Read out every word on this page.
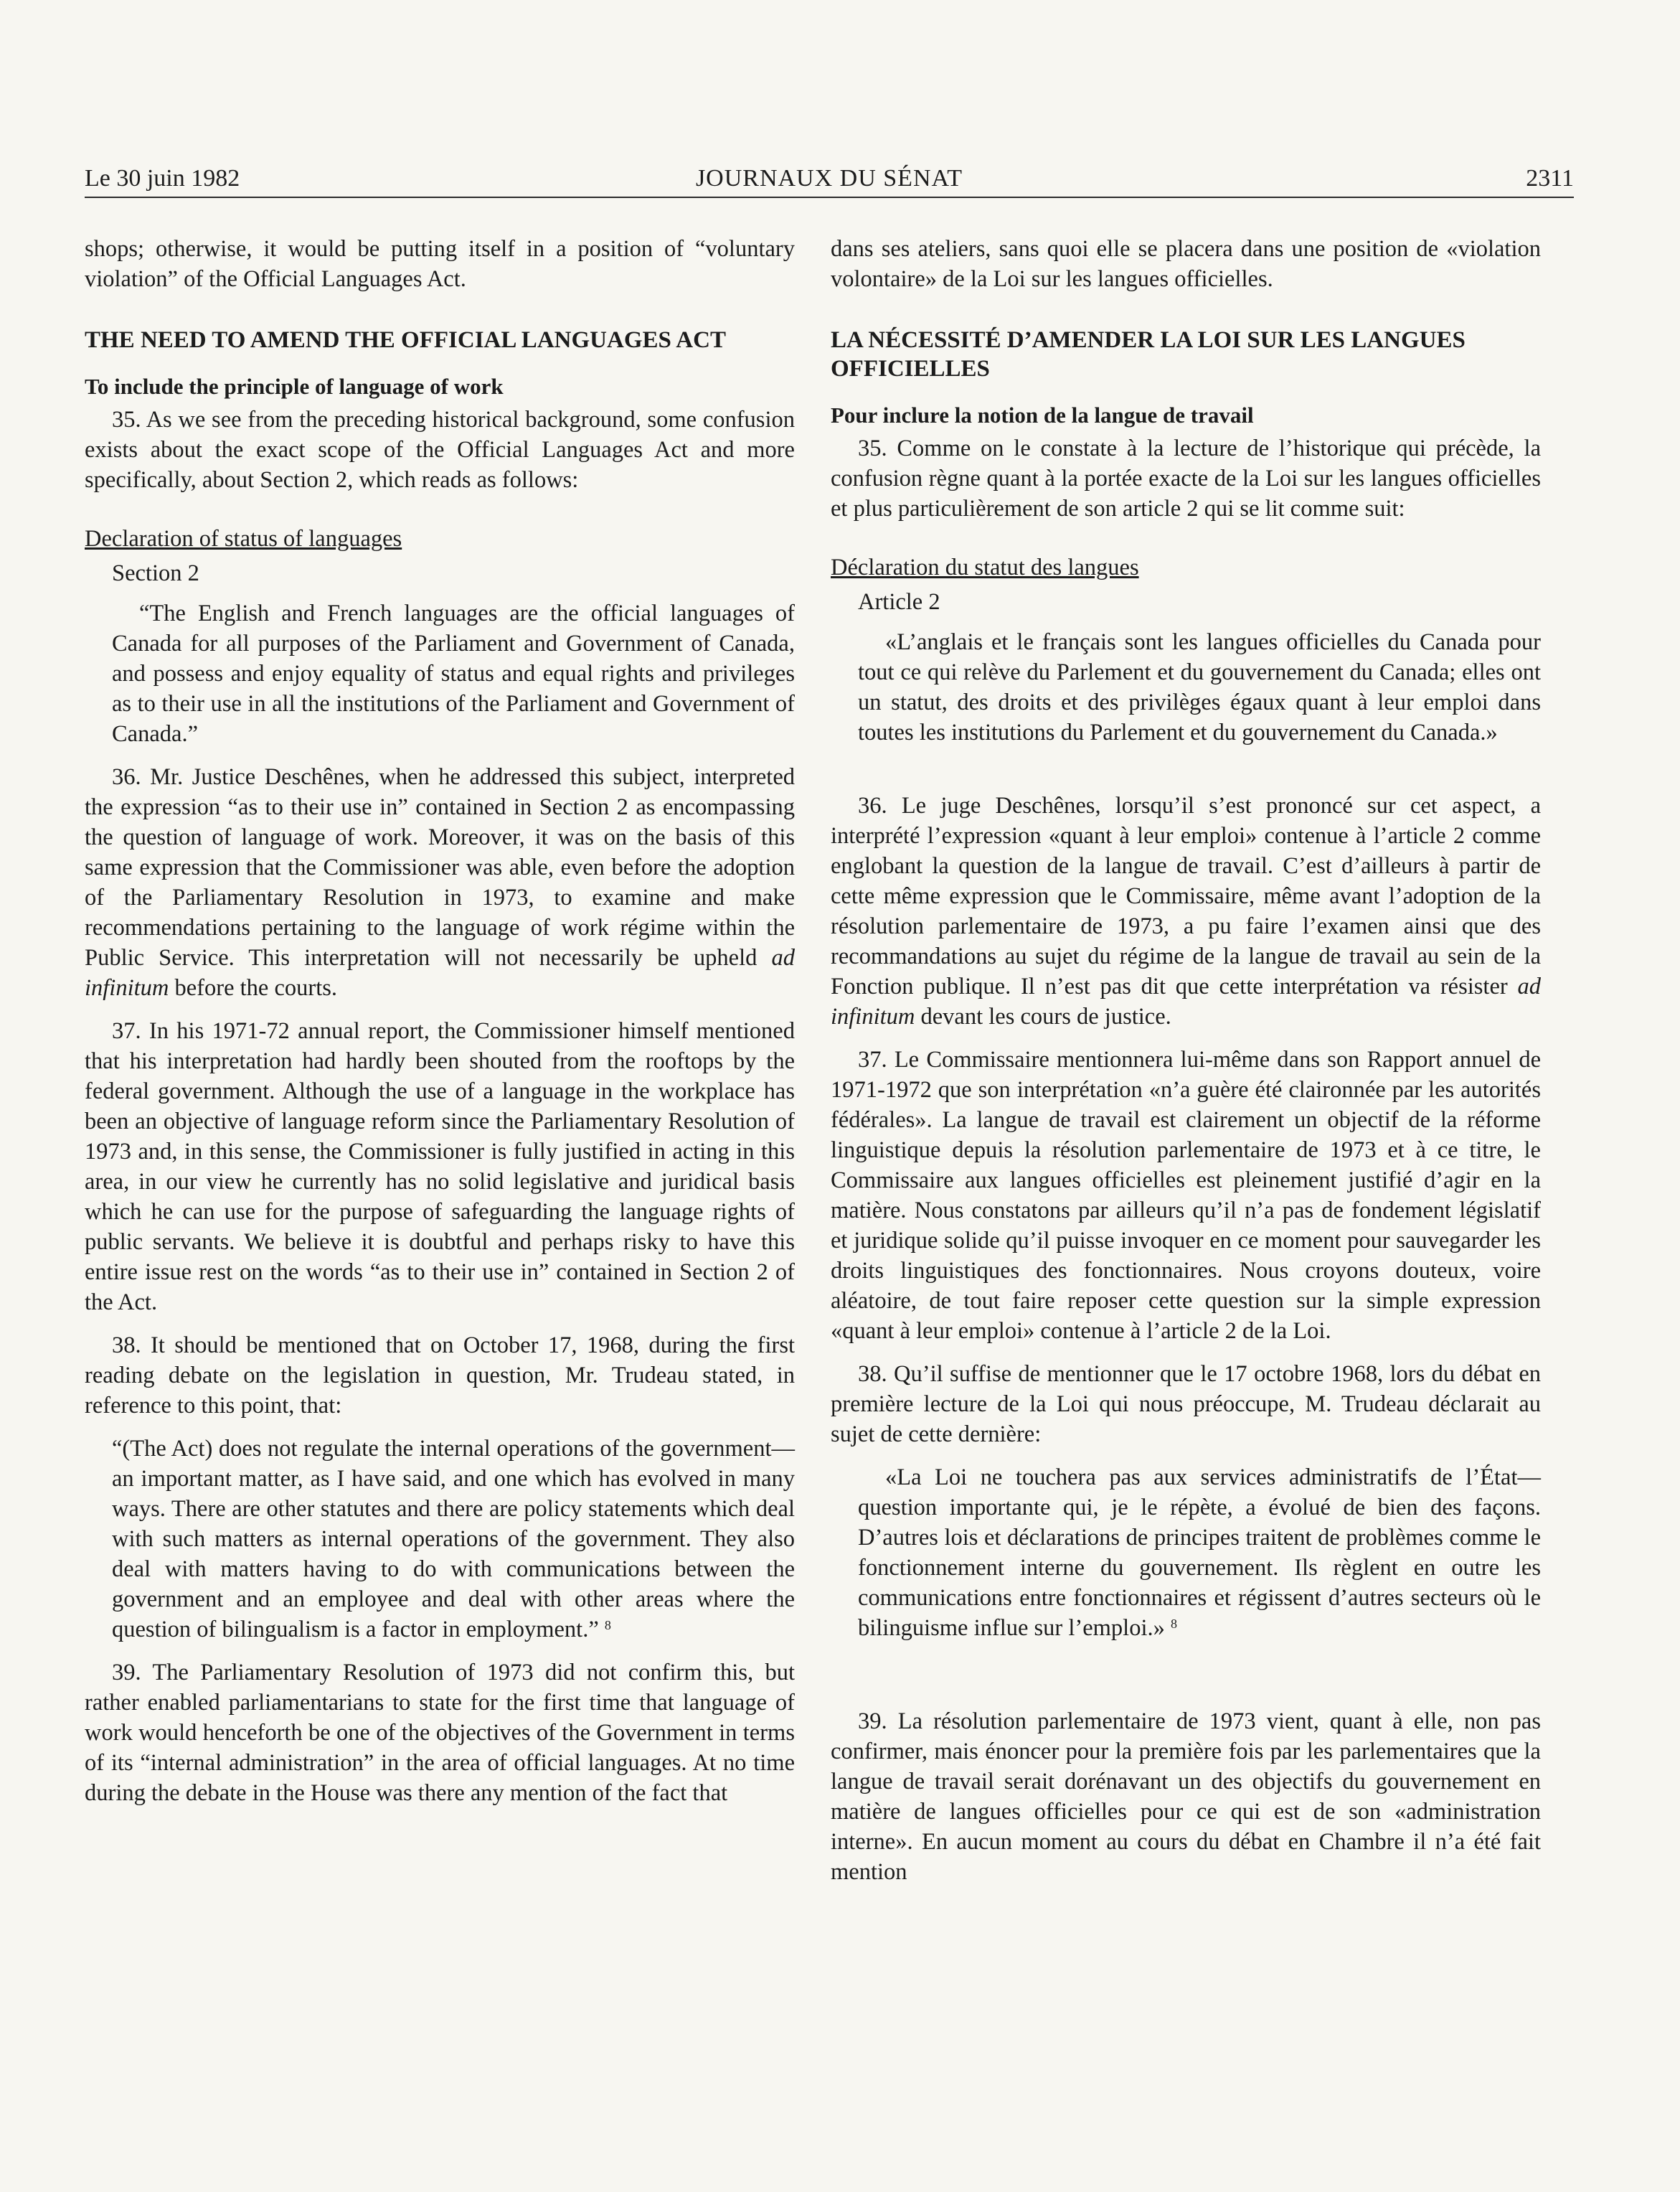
Le 30 juin 1982	JOURNAUX DU SÉNAT	2311

shops; otherwise, it would be putting itself in a position of “voluntary violation” of the Official Languages Act.

THE NEED TO AMEND THE OFFICIAL LANGUAGES ACT
To include the principle of language of work

35. As we see from the preceding historical background, some confusion exists about the exact scope of the Official Languages Act and more specifically, about Section 2, which reads as follows:

Declaration of status of languages
Section 2

“The English and French languages are the official languages of Canada for all purposes of the Parliament and Government of Canada, and possess and enjoy equality of status and equal rights and privileges as to their use in all the institutions of the Parliament and Government of Canada.”

36. Mr. Justice Deschênes, when he addressed this subject, interpreted the expression “as to their use in” contained in Section 2 as encompassing the question of language of work. Moreover, it was on the basis of this same expression that the Commissioner was able, even before the adoption of the Parliamentary Resolution in 1973, to examine and make recommendations pertaining to the language of work régime within the Public Service. This interpretation will not necessarily be upheld ad infinitum before the courts.

37. In his 1971-72 annual report, the Commissioner himself mentioned that his interpretation had hardly been shouted from the rooftops by the federal government. Although the use of a language in the workplace has been an objective of language reform since the Parliamentary Resolution of 1973 and, in this sense, the Commissioner is fully justified in acting in this area, in our view he currently has no solid legislative and juridical basis which he can use for the purpose of safeguarding the language rights of public servants. We believe it is doubtful and perhaps risky to have this entire issue rest on the words “as to their use in” contained in Section 2 of the Act.

38. It should be mentioned that on October 17, 1968, during the first reading debate on the legislation in question, Mr. Trudeau stated, in reference to this point, that:

“(The Act) does not regulate the internal operations of the government—an important matter, as I have said, and one which has evolved in many ways. There are other statutes and there are policy statements which deal with such matters as internal operations of the government. They also deal with matters having to do with communications between the government and an employee and deal with other areas where the question of bilingualism is a factor in employment.” $^8$

39. The Parliamentary Resolution of 1973 did not confirm this, but rather enabled parliamentarians to state for the first time that language of work would henceforth be one of the objectives of the Government in terms of its “internal administration” in the area of official languages. At no time during the debate in the House was there any mention of the fact that

dans ses ateliers, sans quoi elle se placera dans une position de «violation volontaire» de la Loi sur les langues officielles.

LA NÉCESSITÉ D’AMENDER LA LOI SUR LES LANGUES OFFICIELLES
Pour inclure la notion de la langue de travail

35. Comme on le constate à la lecture de l’historique qui précède, la confusion règne quant à la portée exacte de la Loi sur les langues officielles et plus particulièrement de son article 2 qui se lit comme suit:

Déclaration du statut des langues
Article 2

«L’anglais et le français sont les langues officielles du Canada pour tout ce qui relève du Parlement et du gouvernement du Canada; elles ont un statut, des droits et des privilèges égaux quant à leur emploi dans toutes les institutions du Parlement et du gouvernement du Canada.»

36. Le juge Deschênes, lorsqu’il s’est prononcé sur cet aspect, a interprété l’expression «quant à leur emploi» contenue à l’article 2 comme englobant la question de la langue de travail. C’est d’ailleurs à partir de cette même expression que le Commissaire, même avant l’adoption de la résolution parlementaire de 1973, a pu faire l’examen ainsi que des recommandations au sujet du régime de la langue de travail au sein de la Fonction publique. Il n’est pas dit que cette interprétation va résister ad infinitum devant les cours de justice.

37. Le Commissaire mentionnera lui-même dans son Rapport annuel de 1971-1972 que son interprétation «n’a guère été claironnée par les autorités fédérales». La langue de travail est clairement un objectif de la réforme linguistique depuis la résolution parlementaire de 1973 et à ce titre, le Commissaire aux langues officielles est pleinement justifié d’agir en la matière. Nous constatons par ailleurs qu’il n’a pas de fondement législatif et juridique solide qu’il puisse invoquer en ce moment pour sauvegarder les droits linguistiques des fonctionnaires. Nous croyons douteux, voire aléatoire, de tout faire reposer cette question sur la simple expression «quant à leur emploi» contenue à l’article 2 de la Loi.

38. Qu’il suffise de mentionner que le 17 octobre 1968, lors du débat en première lecture de la Loi qui nous préoccupe, M. Trudeau déclarait au sujet de cette dernière:

«La Loi ne touchera pas aux services administratifs de l’État—question importante qui, je le répète, a évolué de bien des façons. D’autres lois et déclarations de principes traitent de problèmes comme le fonctionnement interne du gouvernement. Ils règlent en outre les communications entre fonctionnaires et régissent d’autres secteurs où le bilinguisme influe sur l’emploi.» $^8$

39. La résolution parlementaire de 1973 vient, quant à elle, non pas confirmer, mais énoncer pour la première fois par les parlementaires que la langue de travail serait dorénavant un des objectifs du gouvernement en matière de langues officielles pour ce qui est de son «administration interne». En aucun moment au cours du débat en Chambre il n’a été fait mention
